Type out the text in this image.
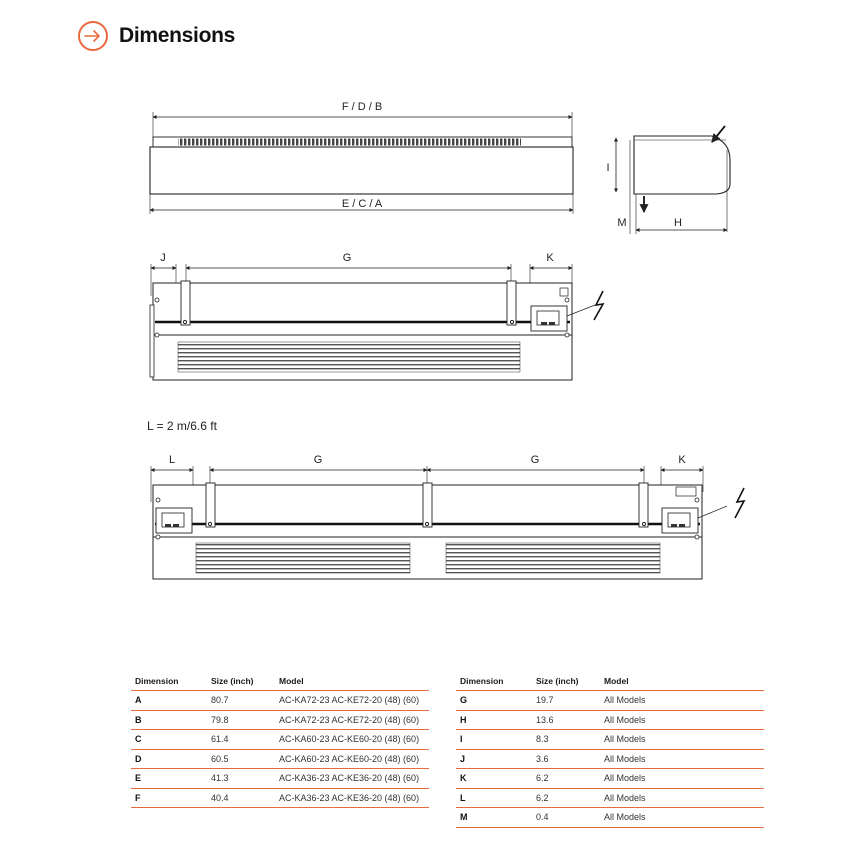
Dimensions
F / D / B
E / C / A
I
H
M
J	G	K
L = 2 m/6.6 ft
L	G	G	K
Dimension	Size (inch)	Model
A	80.7	AC-KA72-23 AC-KE72-20 (48) (60)
B	79.8	AC-KA72-23 AC-KE72-20 (48) (60)
C	61.4	AC-KA60-23 AC-KE60-20 (48) (60)
D	60.5	AC-KA60-23 AC-KE60-20 (48) (60)
E	41.3	AC-KA36-23 AC-KE36-20 (48) (60)
F	40.4	AC-KA36-23 AC-KE36-20 (48) (60)
Dimension	Size (inch)	Model
G	19.7	All Models
H	13.6	All Models
I	8.3	All Models
J	3.6	All Models
K	6.2	All Models
L	6.2	All Models
M	0.4	All Models
